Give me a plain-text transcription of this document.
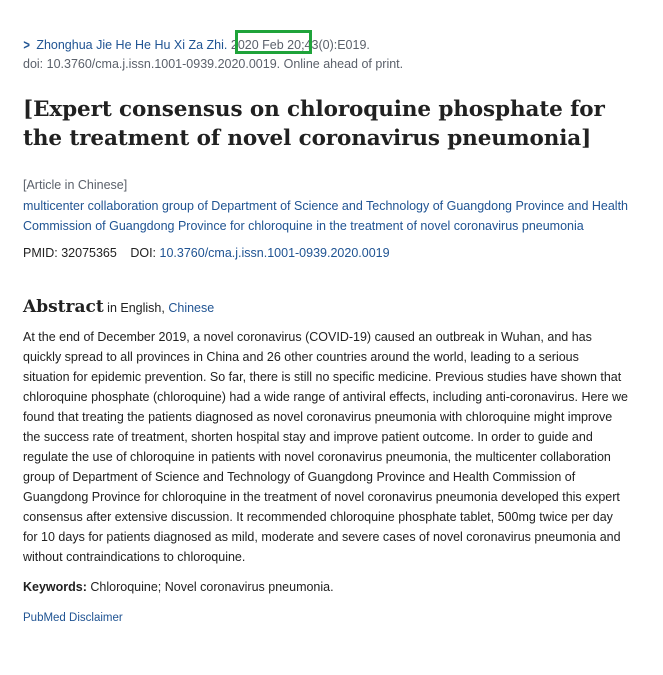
> Zhonghua Jie He He Hu Xi Za Zhi. 2020 Feb 20;43(0):E019.
doi: 10.3760/cma.j.issn.1001-0939.2020.0019. Online ahead of print.
[Expert consensus on chloroquine phosphate for the treatment of novel coronavirus pneumonia]
[Article in Chinese]
multicenter collaboration group of Department of Science and Technology of Guangdong Province and Health Commission of Guangdong Province for chloroquine in the treatment of novel coronavirus pneumonia
PMID: 32075365 DOI: 10.3760/cma.j.issn.1001-0939.2020.0019
Abstract in English, Chinese
At the end of December 2019, a novel coronavirus (COVID-19) caused an outbreak in Wuhan, and has quickly spread to all provinces in China and 26 other countries around the world, leading to a serious situation for epidemic prevention. So far, there is still no specific medicine. Previous studies have shown that chloroquine phosphate (chloroquine) had a wide range of antiviral effects, including anti-coronavirus. Here we found that treating the patients diagnosed as novel coronavirus pneumonia with chloroquine might improve the success rate of treatment, shorten hospital stay and improve patient outcome. In order to guide and regulate the use of chloroquine in patients with novel coronavirus pneumonia, the multicenter collaboration group of Department of Science and Technology of Guangdong Province and Health Commission of Guangdong Province for chloroquine in the treatment of novel coronavirus pneumonia developed this expert consensus after extensive discussion. It recommended chloroquine phosphate tablet, 500mg twice per day for 10 days for patients diagnosed as mild, moderate and severe cases of novel coronavirus pneumonia and without contraindications to chloroquine.
Keywords: Chloroquine; Novel coronavirus pneumonia.
PubMed Disclaimer
